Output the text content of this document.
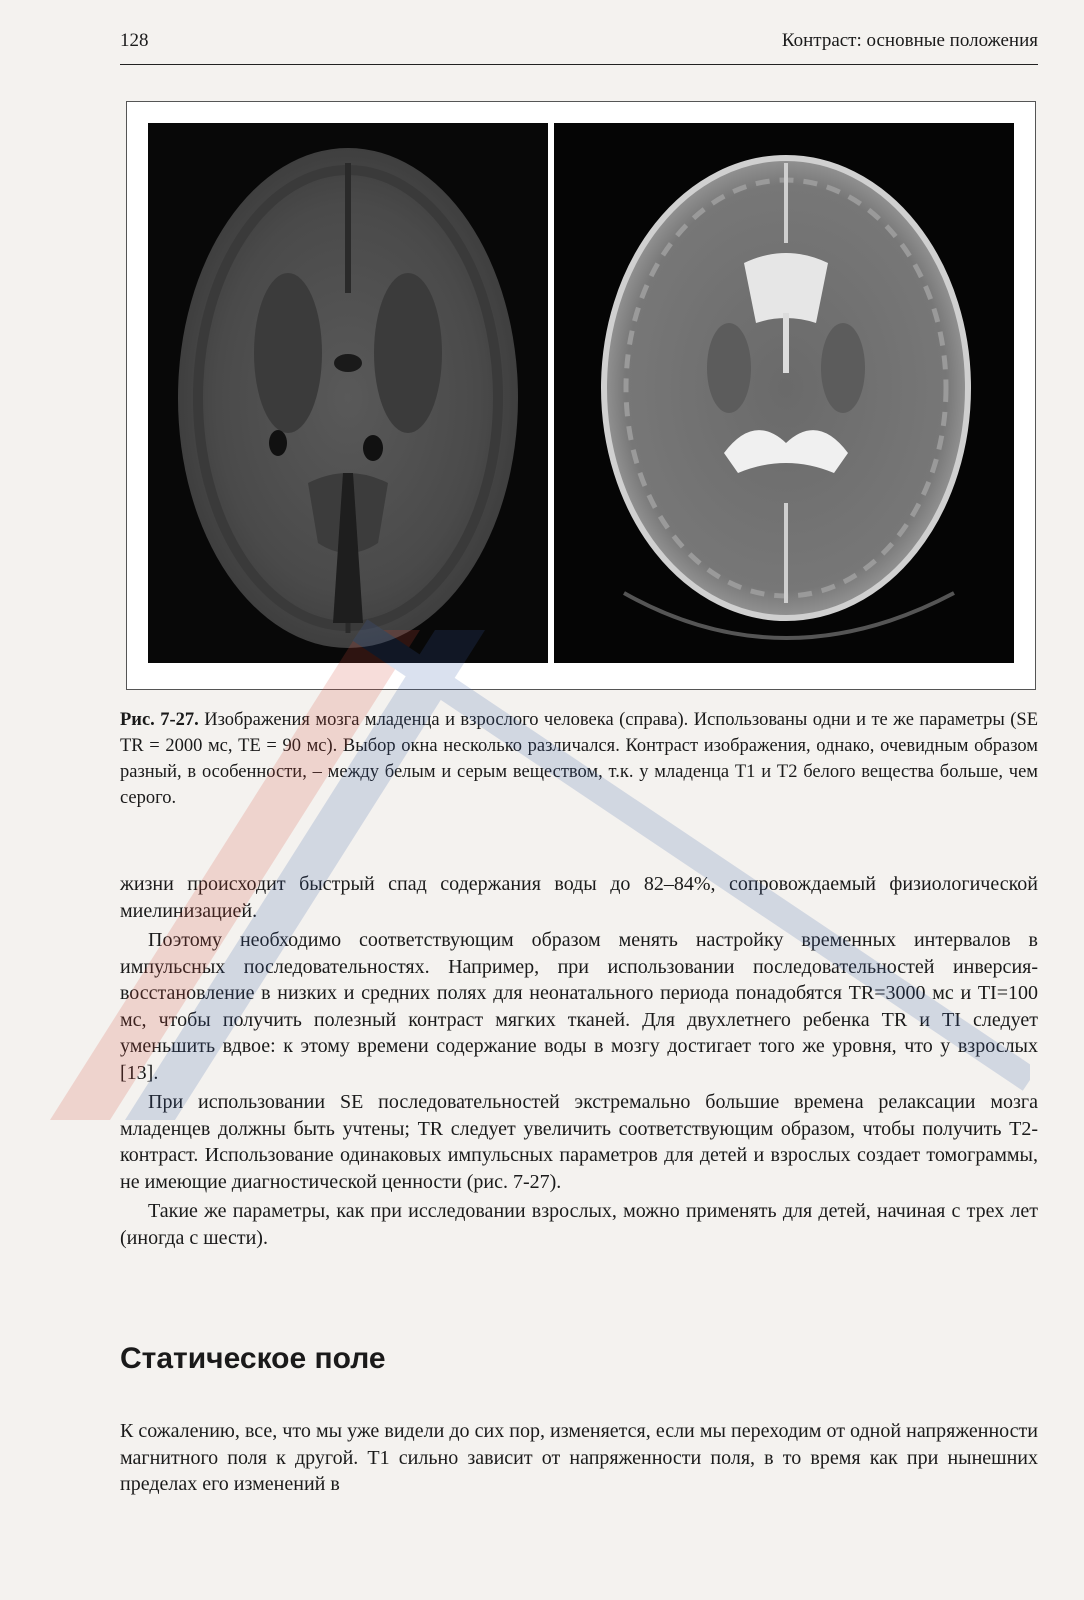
128	Контраст: основные положения
Рис. 7-27. Изображения мозга младенца и взрослого человека (справа). Использованы одни и те же параметры (SE TR = 2000 мс, TE = 90 мс). Выбор окна несколько различался. Контраст изображения, однако, очевидным образом разный, в особенности, – между белым и серым веществом, т.к. у младенца T1 и T2 белого вещества больше, чем серого.

жизни происходит быстрый спад содержания воды до 82–84%, сопровождаемый физиологической миелинизацией.

Поэтому необходимо соответствующим образом менять настройку временных интервалов в импульсных последовательностях. Например, при использовании последовательностей инверсия-восстановление в низких и средних полях для неонатального периода понадобятся TR=3000 мс и TI=100 мс, чтобы получить полезный контраст мягких тканей. Для двухлетнего ребенка TR и TI следует уменьшить вдвое: к этому времени содержание воды в мозгу достигает того же уровня, что у взрослых [13].

При использовании SE последовательностей экстремально большие времена релаксации мозга младенцев должны быть учтены; TR следует увеличить соответствующим образом, чтобы получить T2-контраст. Использование одинаковых импульсных параметров для детей и взрослых создает томограммы, не имеющие диагностической ценности (рис. 7-27).

Такие же параметры, как при исследовании взрослых, можно применять для детей, начиная с трех лет (иногда с шести).

Статическое поле

К сожалению, все, что мы уже видели до сих пор, изменяется, если мы переходим от одной напряженности магнитного поля к другой. T1 сильно зависит от напряженности поля, в то время как при нынешних пределах его изменений в
